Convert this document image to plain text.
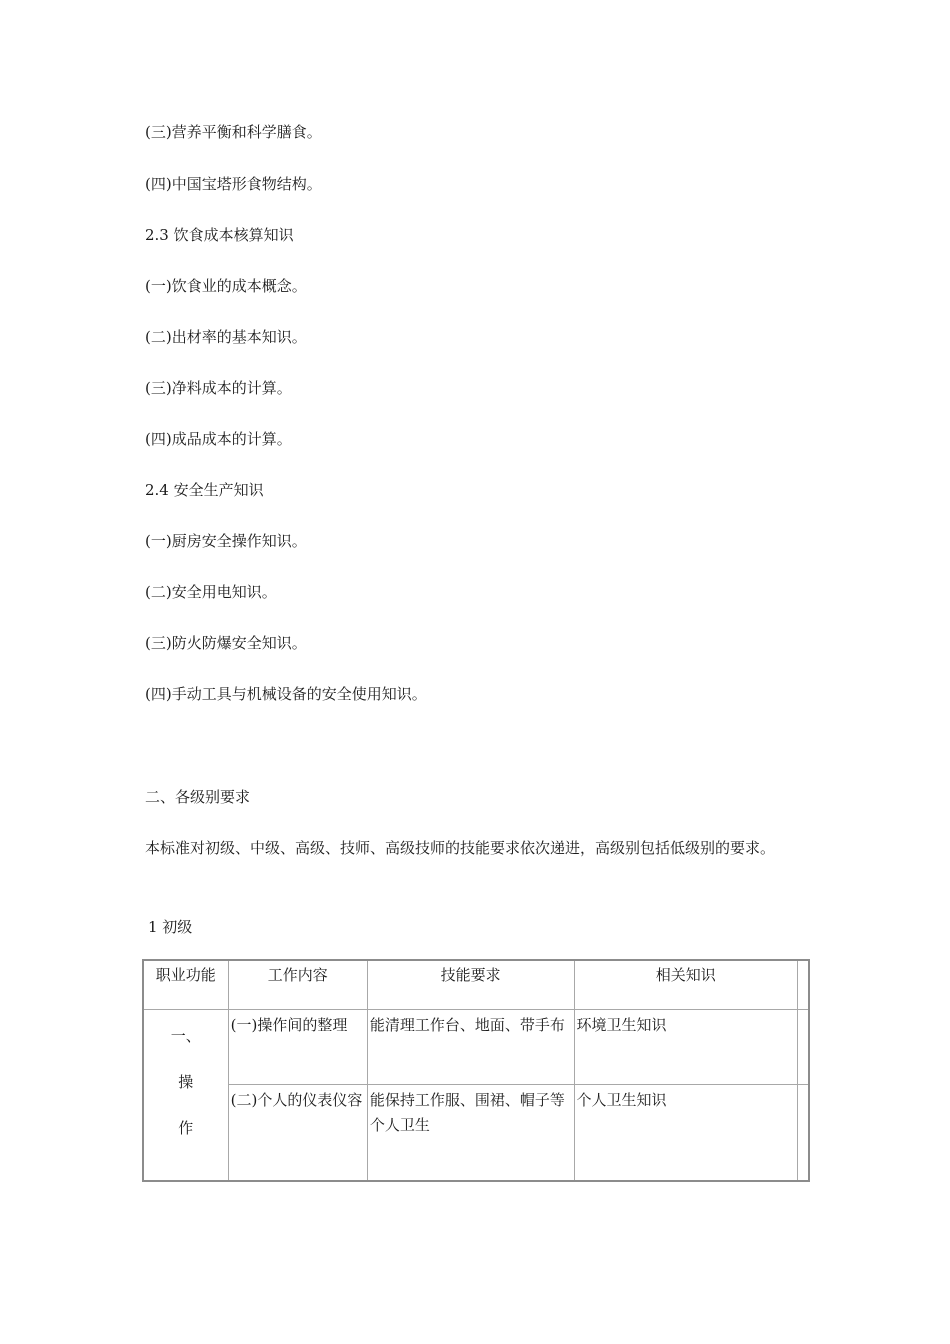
(三)营养平衡和科学膳食。
(四)中国宝塔形食物结构。
2.3 饮食成本核算知识
(一)饮食业的成本概念。
(二)出材率的基本知识。
(三)净料成本的计算。
(四)成品成本的计算。
2.4 安全生产知识
(一)厨房安全操作知识。
(二)安全用电知识。
(三)防火防爆安全知识。
(四)手动工具与机械设备的安全使用知识。
二、各级别要求
本标准对初级、中级、高级、技师、高级技师的技能要求依次递进，高级别包括低级别的要求。
1 初级
职业功能	工作内容	技能要求	相关知识	

一、
操
作	(一)操作间的整理	能清理工作台、地面、带手布	环境卫生知识	
	(二)个人的仪表仪容	能保持工作服、围裙、帽子等个人卫生	个人卫生知识	
